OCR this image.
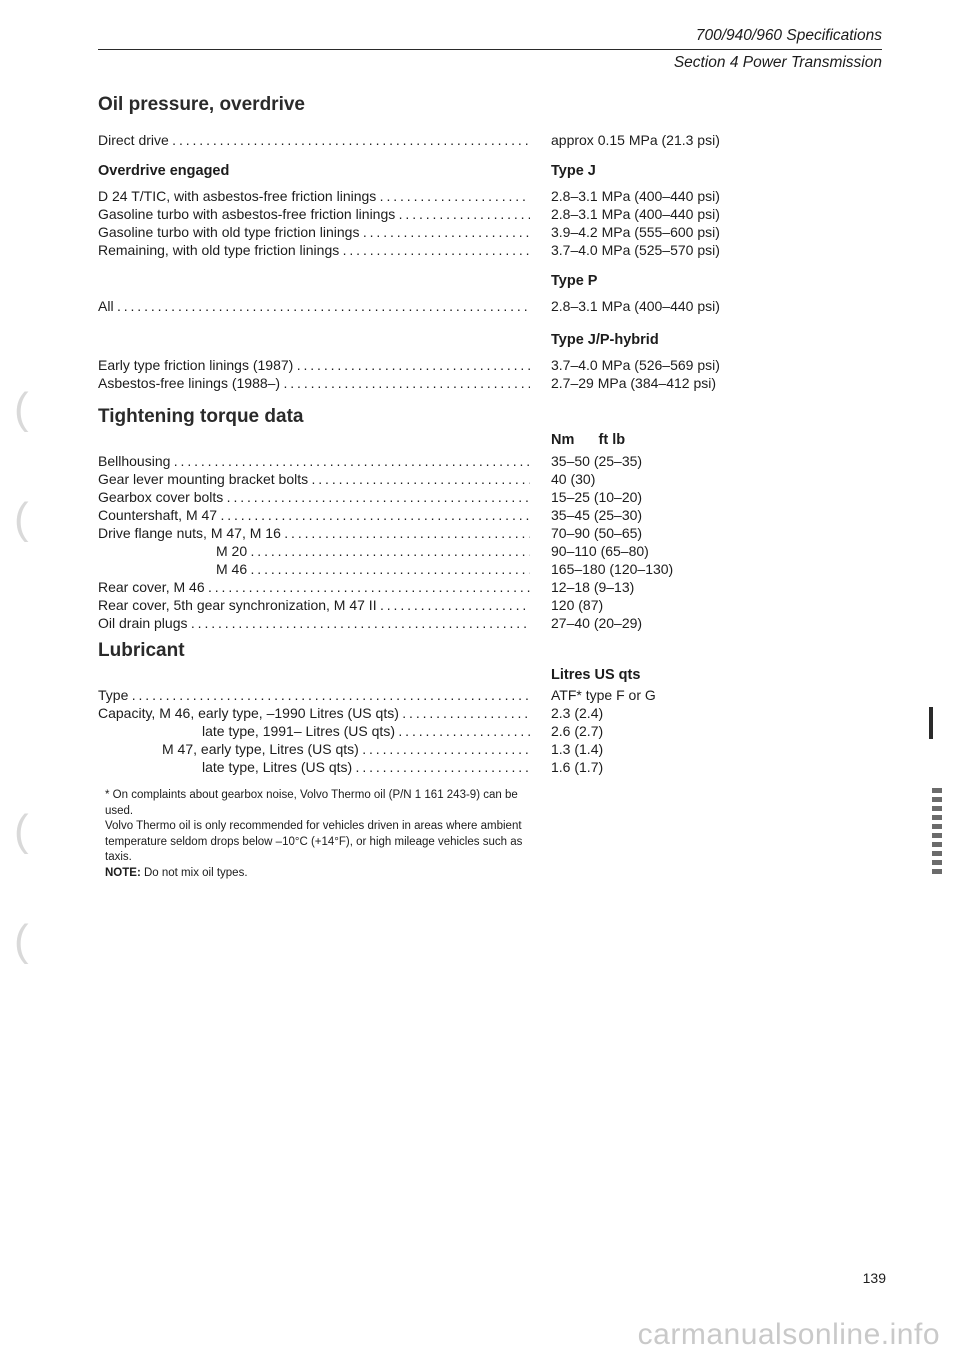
700/940/960 Specifications
Section 4 Power Transmission
Oil pressure, overdrive
Direct drive . . .	approx 0.15 MPa (21.3 psi)
Overdrive engaged	Type J
D 24 T/TIC, with asbestos-free friction linings . . .	2.8–3.1 MPa (400–440 psi)
Gasoline turbo with asbestos-free friction linings . . .	2.8–3.1 MPa (400–440 psi)
Gasoline turbo with old type friction linings . . .	3.9–4.2 MPa (555–600 psi)
Remaining, with old type friction linings . . .	3.7–4.0 MPa (525–570 psi)
Type P
All . . .	2.8–3.1 MPa (400–440 psi)
Type J/P-hybrid
Early type friction linings (1987) . . .	3.7–4.0 MPa (526–569 psi)
Asbestos-free linings (1988–) . . .	2.7–29 MPa (384–412 psi)
Tightening torque data
Nm      ft lb
Bellhousing . . .	35–50 (25–35)
Gear lever mounting bracket bolts . . .	40 (30)
Gearbox cover bolts . . .	15–25 (10–20)
Countershaft, M 47 . . .	35–45 (25–30)
Drive flange nuts, M 47, M 16 . . .	70–90 (50–65)
M 20 . . .	90–110 (65–80)
M 46 . . .	165–180 (120–130)
Rear cover, M 46 . . .	12–18 (9–13)
Rear cover, 5th gear synchronization, M 47 II . . .	120 (87)
Oil drain plugs . . .	27–40 (20–29)
Lubricant
Litres US qts
Type . . .	ATF* type F or G
Capacity, M 46, early type, –1990 Litres (US qts) . . .	2.3 (2.4)
late type, 1991– Litres (US qts) . . .	2.6 (2.7)
M 47, early type, Litres (US qts) . . .	1.3 (1.4)
late type, Litres (US qts) . . .	1.6 (1.7)
* On complaints about gearbox noise, Volvo Thermo oil (P/N 1 161 243-9) can be used.
Volvo Thermo oil is only recommended for vehicles driven in areas where ambient temperature seldom drops below –10°C (+14°F), or high mileage vehicles such as taxis.
NOTE: Do not mix oil types.
(
(
(
(
139
carmanualsonline.info
